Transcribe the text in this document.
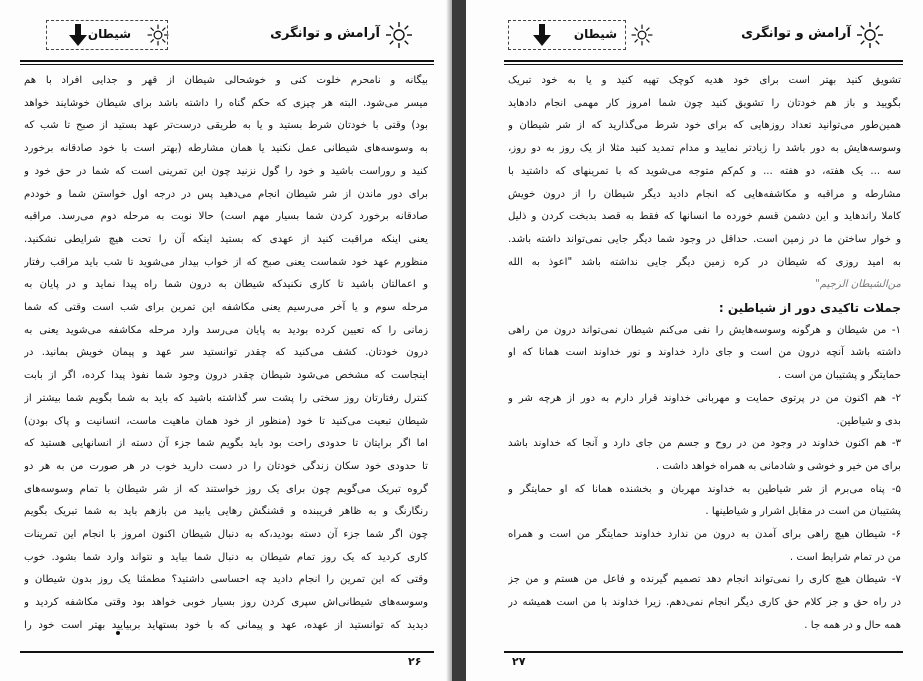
آرامش و توانگری
شیطان
بیگانه و نامحرم خلوت کنی و خوشحالی شیطان از قهر و جدایی افراد با هم
میسر می‌شود. البته هر چیزی که حکم گناه را داشته باشد برای شیطان خوشایند خواهد
بود) وقتی با خودتان شرط بستید و یا به طریقی درست‌تر عهد بستید از صبح تا شب که
به وسوسه‌های شیطانی عمل نکنید یا همان مشارطه (بهتر است با خود صادقانه برخورد
کنید و روراست باشید و خود را گول نزنید چون این تمرینی است که شما در حق خود و
برای دور ماندن از شر شیطان انجام می‌دهید پس در درجه اول خواستن شما و خوددم
صادقانه برخورد کردن شما بسیار مهم است) حالا نوبت به مرحله دوم می‌رسد. مراقبه
یعنی اینکه مراقبت کنید از عهدی که بستید اینکه آن را تحت هیچ شرایطی نشکنید.
منظورم عهد خود شماست یعنی صبح که از خواب بیدار می‌شوید تا شب باید مراقب رفتار
و اعمالتان باشید تا کاری نکنیدکه شیطان به درون شما راه پیدا نماید و در پایان به
مرحله سوم و یا آخر می‌رسیم یعنی مکاشفه این تمرین برای شب است وقتی که شما
زمانی را که تعیین کرده بودید به پایان می‌رسد وارد مرحله مکاشفه می‌شوید یعنی به
درون خودتان. کشف می‌کنید که چقدر توانستید سر عهد و پیمان خویش بمانید. در
اینجاست که مشخص می‌شود شیطان چقدر درون وجود شما نفوذ پیدا کرده، اگر از بابت
کنترل رفتارتان روز سختی را پشت سر گذاشته باشید که باید به شما بگویم شما بیشتر از
شیطان تبعیت می‌کنید تا خود (منظور از خود همان ماهیت ماست، انسانیت و پاک بودن)
اما اگر برایتان تا حدودی راحت بود باید بگویم شما جزء آن دسته از انسانهایی هستید که
تا حدودی خود سکان زندگی خودتان را در دست دارید خوب در هر صورت من به هر دو
گروه تبریک می‌گویم چون برای یک روز خواستند که از شر شیطان با تمام وسوسه‌های
رنگارنگ و به ظاهر فریبنده و قشنگش رهایی یابید من بازهم باید به شما تبریک بگویم
چون اگر شما جزء آن دسته بودید،که به دنبال شیطان اکنون امروز با انجام این تمرینات
کاری کردید که یک روز تمام شیطان به دنبال شما بیاید و نتواند وارد شما بشود. خوب
وقتی که این تمرین را انجام دادید چه احساسی داشتید؟ مطمئنا یک روز بدون شیطان و
وسوسه‌های شیطانی‌اش سپری کردن روز بسیار خوبی خواهد بود وقتی مکاشفه کردید و
دیدید که توانستید از عهده، عهد و پیمانی که با خود بستهاید بربیایید بهتر است خود را
۲۶
آرامش و توانگری
شیطان
تشویق کنید بهتر است برای خود هدیه کوچک تهیه کنید و یا به خود تبریک
بگویید و باز هم خودتان را تشویق کنید چون شما امروز کار مهمی انجام دادهاید
همین‌طور می‌توانید تعداد روزهایی که برای خود شرط می‌گذارید که از شر شیطان و
وسوسه‌هایش به دور باشد را زیادتر نمایید و مدام تمدید کنید مثلا از یک روز به دو روز،
سه ... یک هفته، دو هفته ... و کم‌کم متوجه می‌شوید که با تمرینهای که داشتید با
مشارطه و مراقبه و مکاشفه‌هایی که انجام دادید دیگر شیطان را از درون خویش
کاملا راندهاید و این دشمن قسم خورده ما انسانها که فقط به قصد بدبخت کردن و ذلیل
و خوار ساختن ما در زمین است. حداقل در وجود شما دیگر جایی نمی‌تواند داشته باشد.
به امید روزی که شیطان در کره زمین دیگر جایی نداشته باشد "اعوذ به الله
من‌الشیطان الرجیم"
جملات تاکیدی دور از شیاطین :
۱- من شیطان و هرگونه وسوسه‌هایش را نفی می‌کنم شیطان نمی‌تواند درون من راهی
داشته باشد آنچه درون من است و جای دارد خداوند و نور خداوند است همانا که او
حمایتگر و پشتیبان من است .
۲- هم اکنون من در پرتوی حمایت و مهربانی خداوند قرار دارم به دور از هرچه شر و
بدی و شیاطین.
۳- هم اکنون خداوند در وجود من در روح و جسم من جای دارد و آنجا که خداوند باشد
برای من خیر و خوشی و شادمانی به همراه خواهد داشت .
۵- پناه می‌برم از شر شیاطین به خداوند مهربان و بخشنده همانا که او حمایتگر و
پشتیبان من است در مقابل اشرار و شیاطینها .
۶- شیطان هیچ راهی برای آمدن به درون من ندارد خداوند حمایتگر من است و همراه
من در تمام شرایط است .
۷- شیطان هیچ کاری را نمی‌تواند انجام دهد تصمیم گیرنده و فاعل من هستم و من جز
در راه حق و جز کلام حق کاری دیگر انجام نمی‌دهم. زیرا خداوند با من است همیشه در
همه حال و در همه جا .
۲۷
